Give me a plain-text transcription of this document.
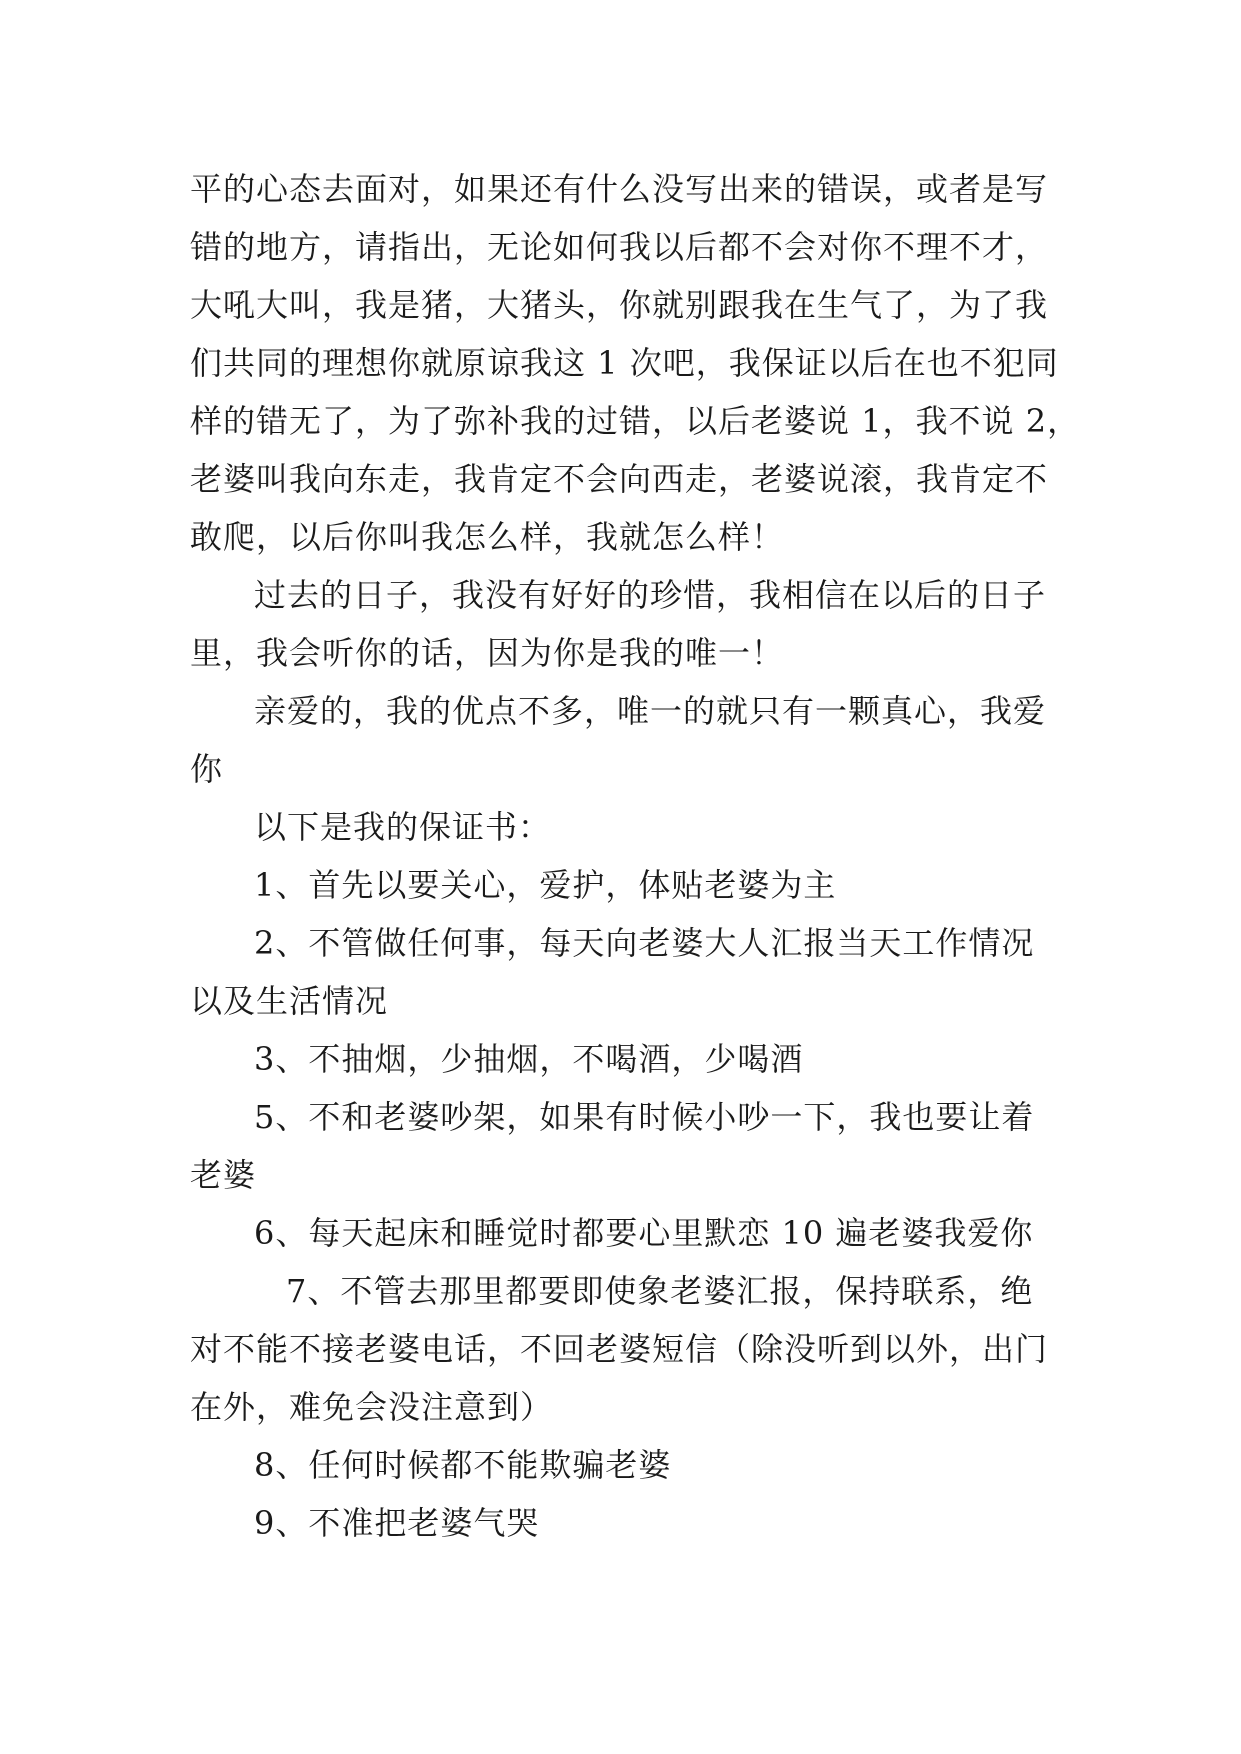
平的心态去面对，如果还有什么没写出来的错误，或者是写
错的地方，请指出，无论如何我以后都不会对你不理不才，
大吼大叫，我是猪，大猪头，你就别跟我在生气了，为了我
们共同的理想你就原谅我这 1 次吧，我保证以后在也不犯同
样的错无了，为了弥补我的过错，以后老婆说 1，我不说 2，
老婆叫我向东走，我肯定不会向西走，老婆说滚，我肯定不
敢爬，以后你叫我怎么样，我就怎么样！
过去的日子，我没有好好的珍惜，我相信在以后的日子
里，我会听你的话，因为你是我的唯一！
亲爱的，我的优点不多，唯一的就只有一颗真心，我爱
你
以下是我的保证书：
1、首先以要关心，爱护，体贴老婆为主
2、不管做任何事，每天向老婆大人汇报当天工作情况
以及生活情况
3、不抽烟，少抽烟，不喝酒，少喝酒
5、不和老婆吵架，如果有时候小吵一下，我也要让着
老婆
6、每天起床和睡觉时都要心里默恋 10 遍老婆我爱你
7、不管去那里都要即使象老婆汇报，保持联系，绝
对不能不接老婆电话，不回老婆短信（除没听到以外，出门
在外，难免会没注意到）
8、任何时候都不能欺骗老婆
9、不准把老婆气哭
